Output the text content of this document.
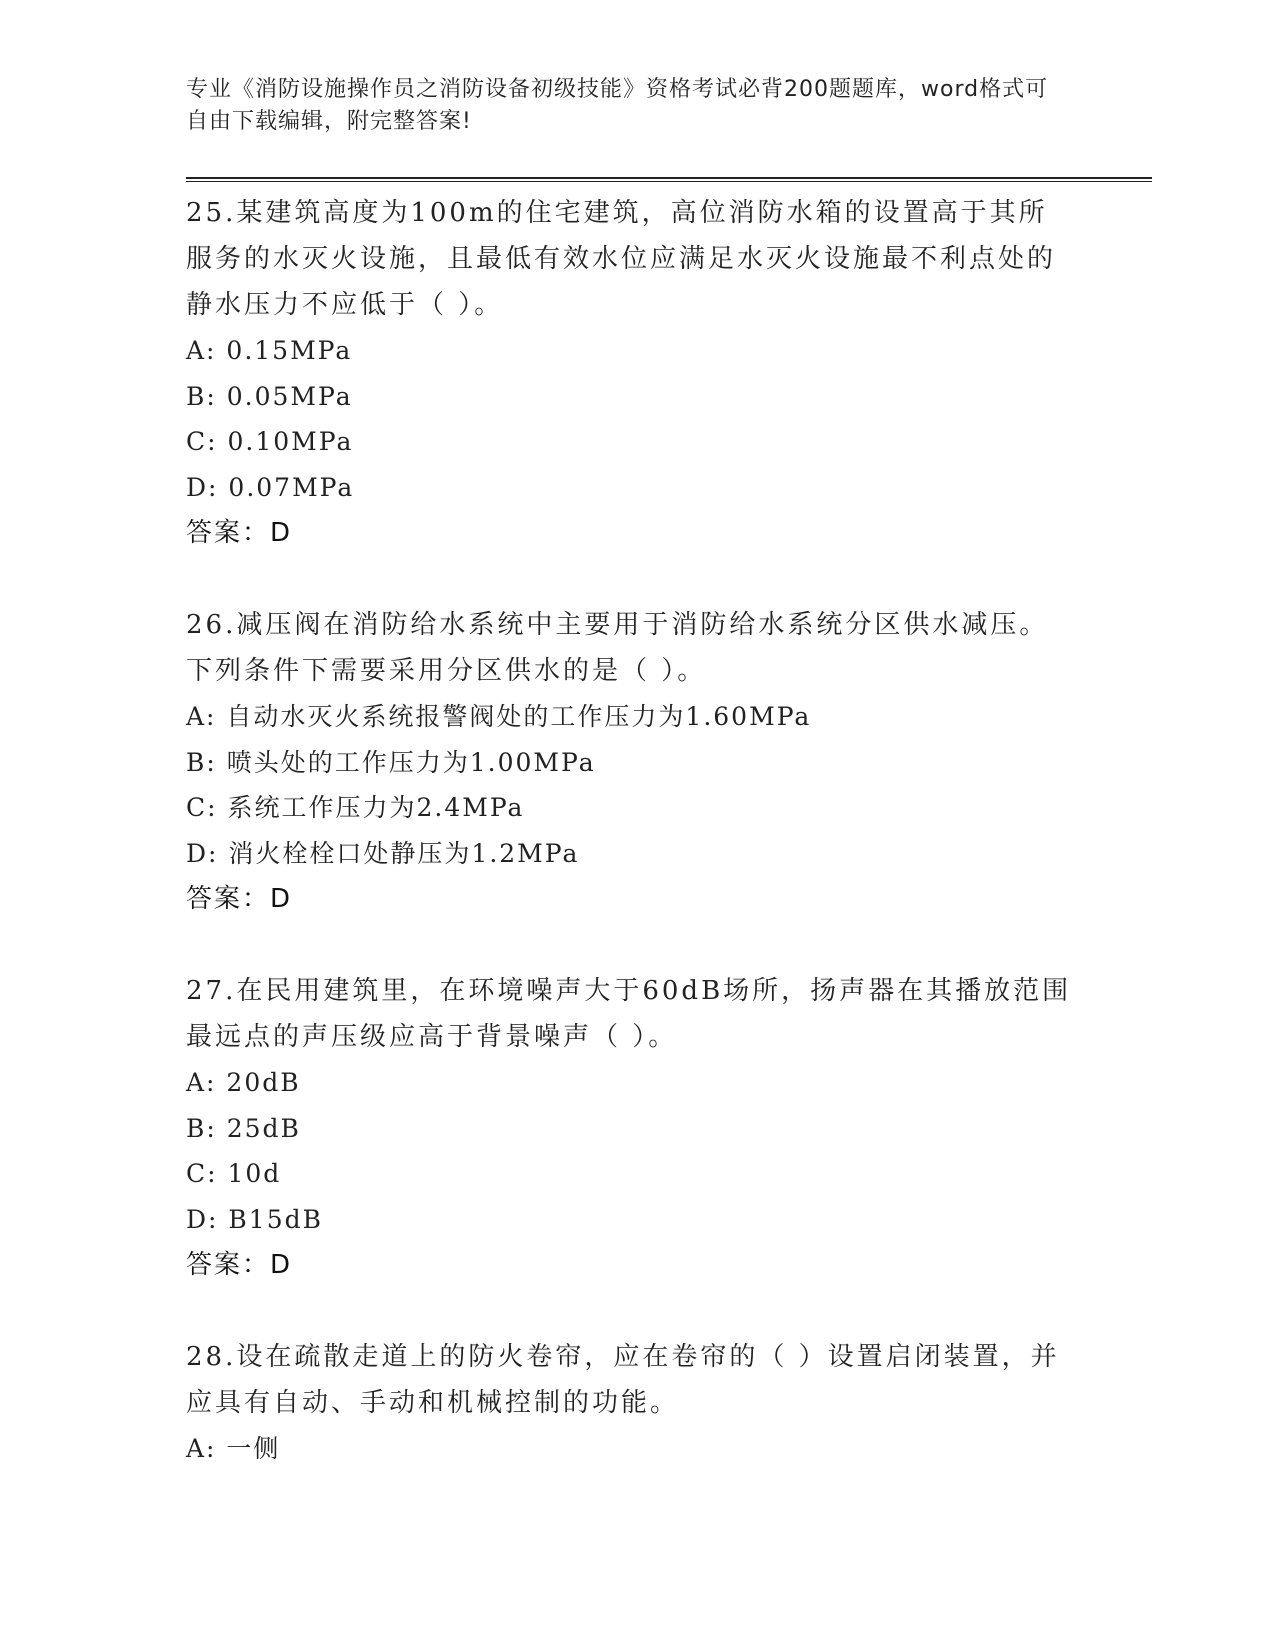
专业《消防设施操作员之消防设备初级技能》资格考试必背200题题库，word格式可自由下载编辑，附完整答案!

25.某建筑高度为100m的住宅建筑，高位消防水箱的设置高于其所服务的水灭火设施，且最低有效水位应满足水灭火设施最不利点处的静水压力不应低于（ ）。

A: 0.15MPa

B: 0.05MPa

C: 0.10MPa

D: 0.07MPa

答案：D

26.减压阀在消防给水系统中主要用于消防给水系统分区供水减压。下列条件下需要采用分区供水的是（ ）。

A: 自动水灭火系统报警阀处的工作压力为1.60MPa

B: 喷头处的工作压力为1.00MPa

C: 系统工作压力为2.4MPa

D: 消火栓栓口处静压为1.2MPa

答案：D

27.在民用建筑里，在环境噪声大于60dB场所，扬声器在其播放范围最远点的声压级应高于背景噪声（ ）。

A: 20dB

B: 25dB

C: 10d

D: B15dB

答案：D

28.设在疏散走道上的防火卷帘，应在卷帘的（ ）设置启闭装置，并应具有自动、手动和机械控制的功能。

A: 一侧
